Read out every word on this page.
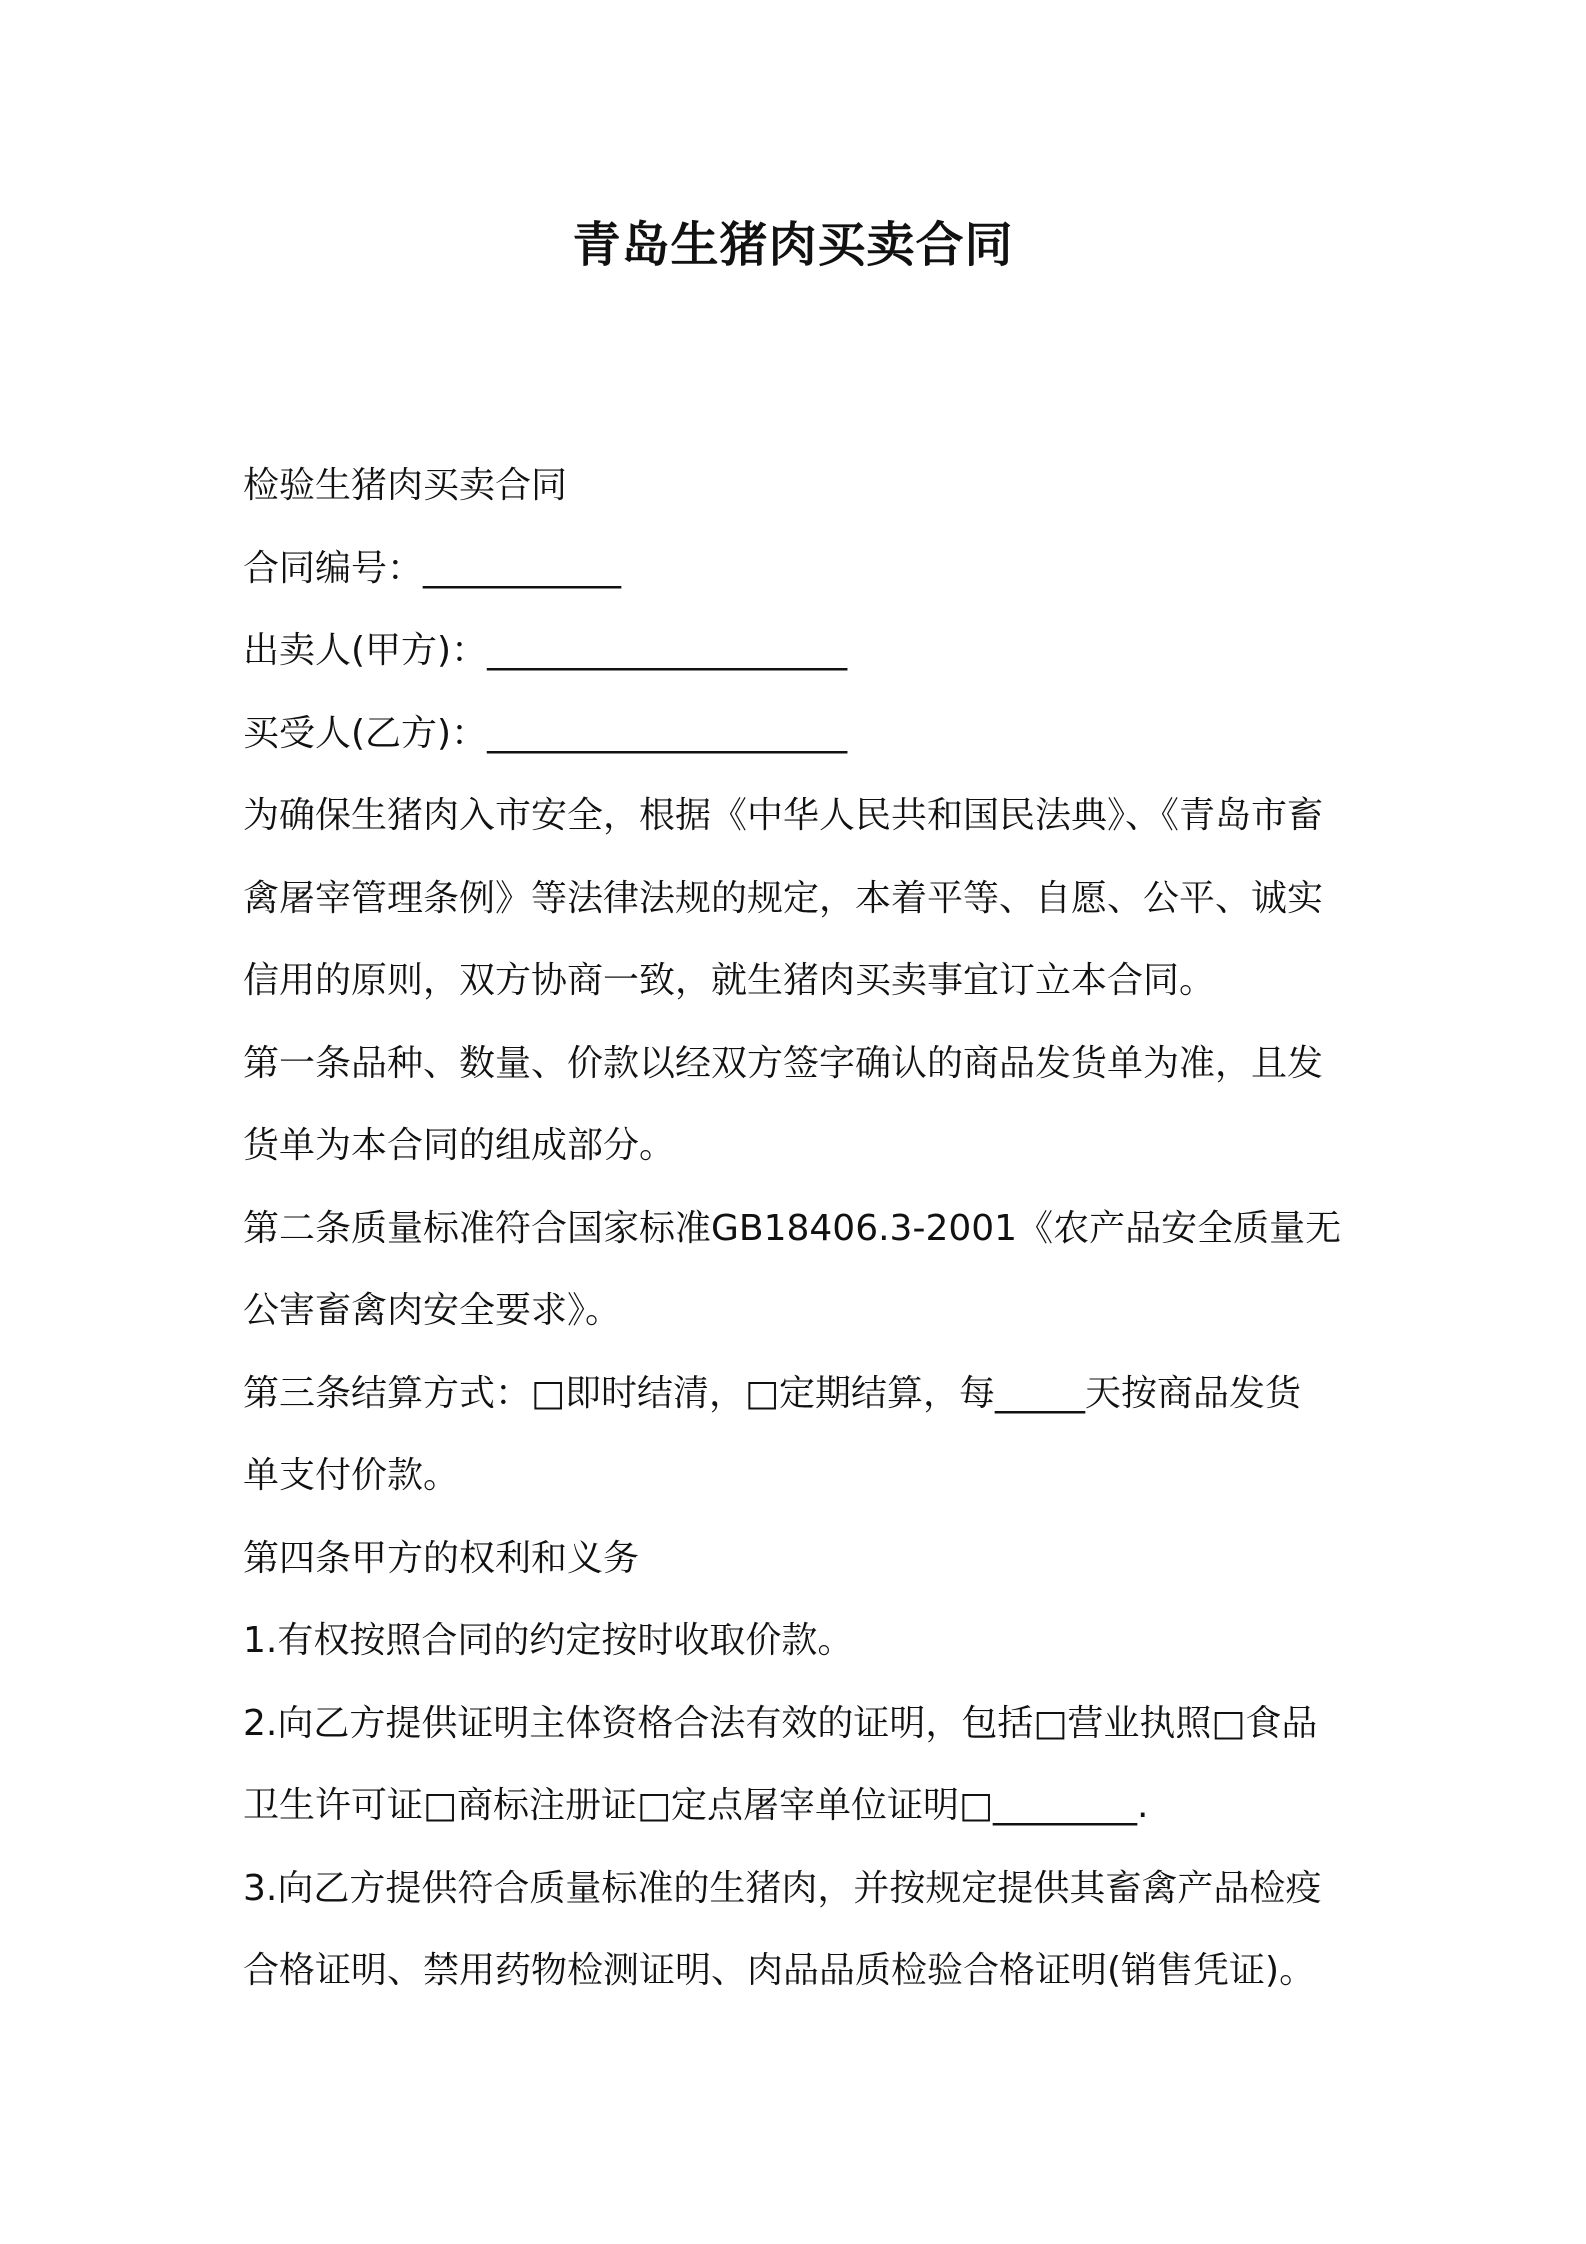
青岛生猪肉买卖合同

检验生猪肉买卖合同

合同编号：___________

出卖人(甲方)：____________________

买受人(乙方)：____________________

为确保生猪肉入市安全，根据《中华人民共和国民法典》、《青岛市畜

禽屠宰管理条例》等法律法规的规定，本着平等、自愿、公平、诚实

信用的原则，双方协商一致，就生猪肉买卖事宜订立本合同。

第一条品种、数量、价款以经双方签字确认的商品发货单为准，且发

货单为本合同的组成部分。

第二条质量标准符合国家标准GB18406.3-2001《农产品安全质量无

公害畜禽肉安全要求》。

第三条结算方式：□即时结清，□定期结算，每_____天按商品发货

单支付价款。

第四条甲方的权利和义务

1.有权按照合同的约定按时收取价款。

2.向乙方提供证明主体资格合法有效的证明，包括□营业执照□食品

卫生许可证□商标注册证□定点屠宰单位证明□________.

3.向乙方提供符合质量标准的生猪肉，并按规定提供其畜禽产品检疫

合格证明、禁用药物检测证明、肉品品质检验合格证明(销售凭证)。
